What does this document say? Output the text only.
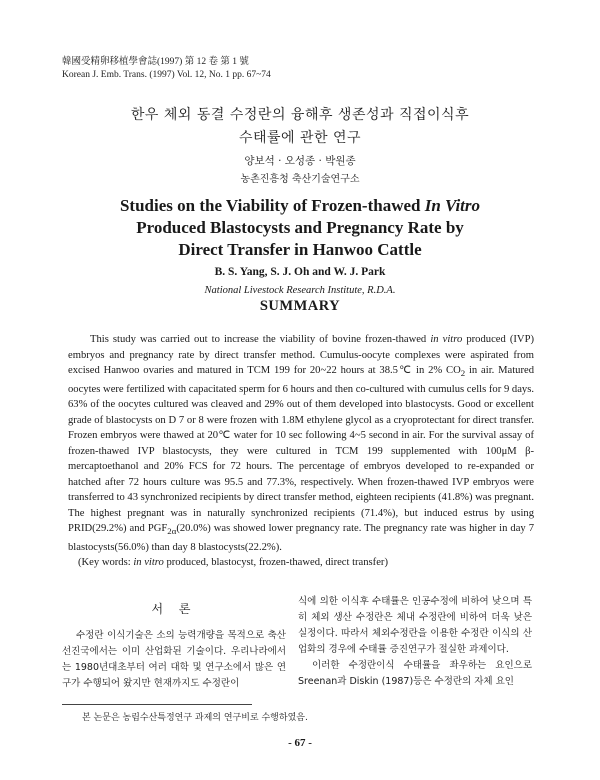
韓國受精卵移植學會誌(1997) 第 12 卷 第 1 號
Korean J. Emb. Trans. (1997) Vol. 12, No. 1 pp. 67~74
한우 체외 동결 수정란의 융해후 생존성과 직접이식후
수태률에 관한 연구
양보석 · 오성종 · 박원종
농촌진흥청 축산기술연구소
Studies on the Viability of Frozen-thawed In Vitro
Produced Blastocysts and Pregnancy Rate by
Direct Transfer in Hanwoo Cattle
B. S. Yang, S. J. Oh and W. J. Park
National Livestock Research Institute, R.D.A.
SUMMARY

This study was carried out to increase the viability of bovine frozen-thawed in vitro produced (IVP) embryos and pregnancy rate by direct transfer method. Cumulus-oocyte complexes were aspirated from excised Hanwoo ovaries and matured in TCM 199 for 20~22 hours at 38.5℃ in 2% $CO_2$ in air. Matured oocytes were fertilized with capacitated sperm for 6 hours and then co-cultured with cumulus cells for 9 days. 63% of the oocytes cultured was cleaved and 29% out of them developed into blastocysts. Good or excellent grade of blastocysts on D 7 or 8 were frozen with 1.8M ethylene glycol as a cryoprotectant for direct transfer. Frozen embryos were thawed at 20℃ water for 10 sec following 4~5 second in air. For the survival assay of frozen-thawed IVP blastocysts, they were cultured in TCM 199 supplemented with 100μM β-mercaptoethanol and 20% FCS for 72 hours. The percentage of embryos developed to re-expanded or hatched after 72 hours culture was 95.5 and 77.3%, respectively. When frozen-thawed IVP embryos were transferred to 43 synchronized recipients by direct transfer method, eighteen recipients (41.8%) was pregnant. The highest pregnant was in naturally synchronized recipients (71.4%), but induced estrus by using PRID(29.2%) and $PGF_{2\alpha}(20.0\%)$ was showed lower pregnancy rate. The pregnancy rate was higher in day 7 blastocysts(56.0%) than day 8 blastocysts(22.2%).

(Key words: in vitro produced, blastocyst, frozen-thawed, direct transfer)

서 론

수정란 이식기술은 소의 능력개량을 목적으로 축산 선진국에서는 이미 산업화된 기술이다. 우리나라에서는 1980년대초부터 여러 대학 및 연구소에서 많은 연구가 수행되어 왔지만 현재까지도 수정란이

식에 의한 이식후 수태률은 인공수정에 비하여 낮으며 특히 체외 생산 수정란은 체내 수정란에 비하여 더욱 낮은 실정이다. 따라서 체외수정란을 이용한 수정란 이식의 산업화의 경우에 수태률 증진연구가 절실한 과제이다.

이러한 수정란이식 수태률을 좌우하는 요인으로 Sreenan과 Diskin (1987)등은 수정란의 자체 요인

본 논문은 농림수산특정연구 과제의 연구비로 수행하였음.
- 67 -
